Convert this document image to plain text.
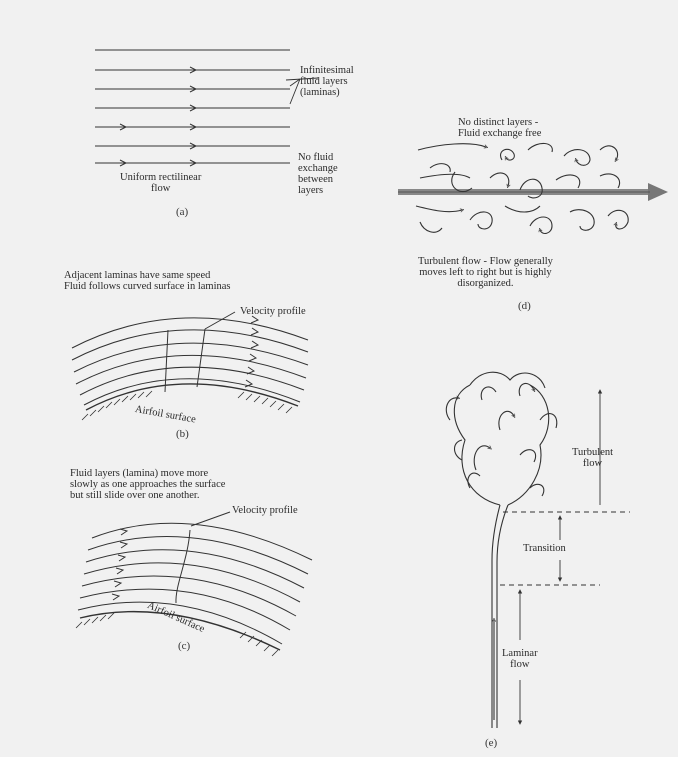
Infinitesimal
fluid layers
(laminas)
No fluid
exchange
between
layers
Uniform rectilinear
flow
(a)
No distinct layers -
Fluid exchange free
Turbulent flow - Flow generally
moves left to right but is highly
disorganized.
(d)
Adjacent laminas have same speed
Fluid follows curved surface in laminas
Velocity profile
Airfoil surface
(b)
Fluid layers (lamina) move more
slowly as one approaches the surface
but still slide over one another.
Velocity profile
Airfoil surface
(c)
Turbulent
flow
Transition
Laminar
flow
(e)
